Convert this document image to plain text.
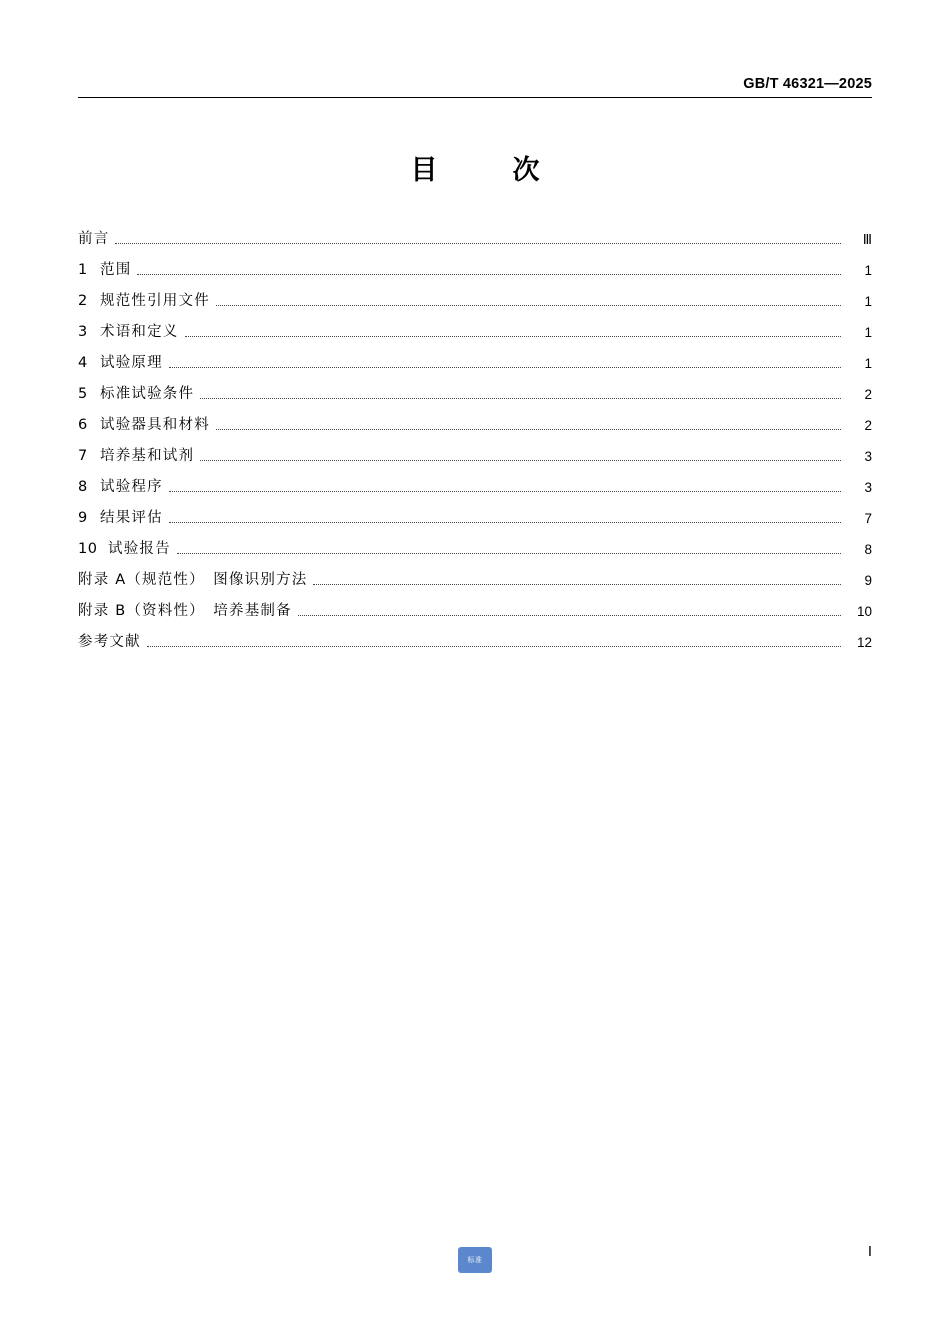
GB/T 46321—2025
目　次
前言	Ⅲ
1 范围	1
2 规范性引用文件	1
3 术语和定义	1
4 试验原理	1
5 标准试验条件	2
6 试验器具和材料	2
7 培养基和试剂	3
8 试验程序	3
9 结果评估	7
10 试验报告	8
附录 A（规范性）　图像识别方法	9
附录 B（资料性）　培养基制备	10
参考文献	12
标准	Ⅰ
